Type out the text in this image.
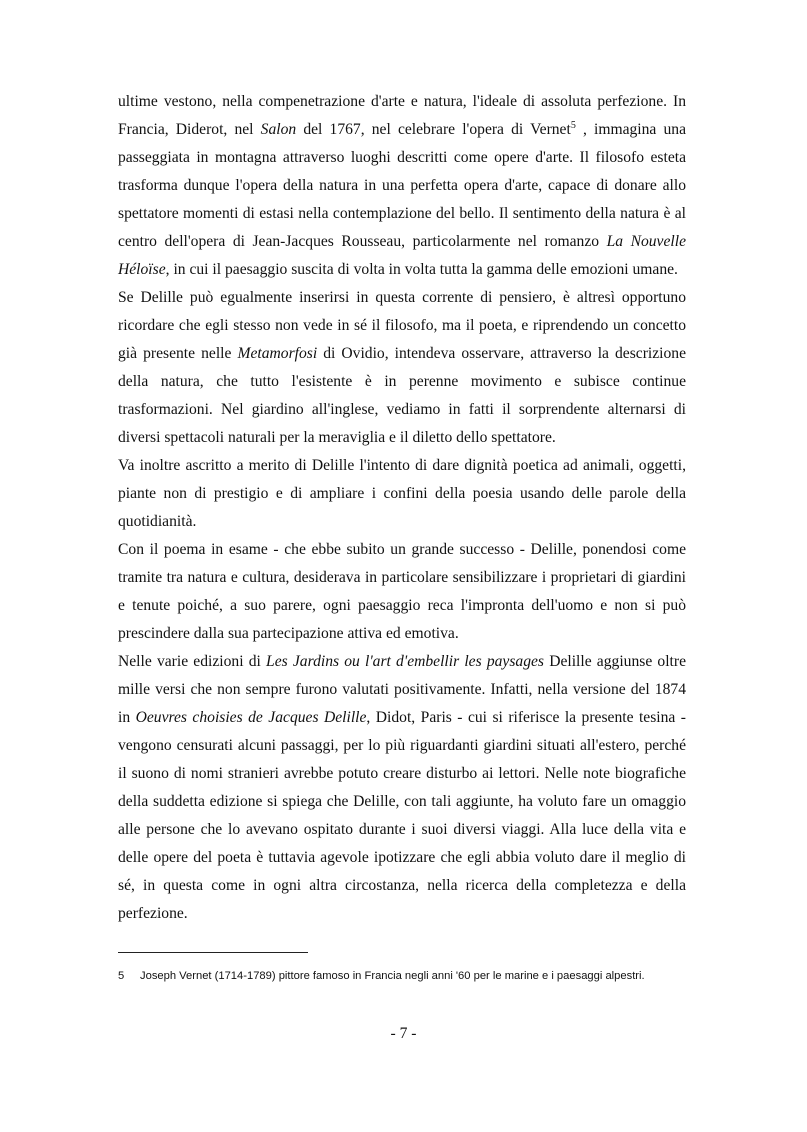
ultime vestono, nella compenetrazione d'arte e natura, l'ideale di assoluta perfezione. In Francia, Diderot, nel Salon del 1767, nel celebrare l'opera di Vernet$^5$ , immagina una passeggiata in montagna attraverso luoghi descritti come opere d'arte. Il filosofo esteta trasforma dunque l'opera della natura in una perfetta opera d'arte, capace di donare allo spettatore momenti di estasi nella contemplazione del bello. Il sentimento della natura è al centro dell'opera di Jean-Jacques Rousseau, particolarmente nel romanzo La Nouvelle Héloïse, in cui il paesaggio suscita di volta in volta tutta la gamma delle emozioni umane.

Se Delille può egualmente inserirsi in questa corrente di pensiero, è altresì opportuno ricordare che egli stesso non vede in sé il filosofo, ma il poeta, e riprendendo un concetto già presente nelle Metamorfosi di Ovidio, intendeva osservare, attraverso la descrizione della natura, che tutto l'esistente è in perenne movimento e subisce continue trasformazioni. Nel giardino all'inglese, vediamo in fatti il sorprendente alternarsi di diversi spettacoli naturali per la meraviglia e il diletto dello spettatore.

Va inoltre ascritto a merito di Delille l'intento di dare dignità poetica ad animali, oggetti, piante non di prestigio e di ampliare i confini della poesia usando delle parole della quotidianità.

Con il poema in esame - che ebbe subito un grande successo - Delille, ponendosi come tramite tra natura e cultura, desiderava in particolare sensibilizzare i proprietari di giardini e tenute poiché, a suo parere, ogni paesaggio reca l'impronta dell'uomo e non si può prescindere dalla sua partecipazione attiva ed emotiva.

Nelle varie edizioni di Les Jardins ou l'art d'embellir les paysages Delille aggiunse oltre mille versi che non sempre furono valutati positivamente. Infatti, nella versione del 1874 in Oeuvres choisies de Jacques Delille, Didot, Paris - cui si riferisce la presente tesina - vengono censurati alcuni passaggi, per lo più riguardanti giardini situati all'estero, perché il suono di nomi stranieri avrebbe potuto creare disturbo ai lettori. Nelle note biografiche della suddetta edizione si spiega che Delille, con tali aggiunte, ha voluto fare un omaggio alle persone che lo avevano ospitato durante i suoi diversi viaggi. Alla luce della vita e delle opere del poeta è tuttavia agevole ipotizzare che egli abbia voluto dare il meglio di sé, in questa come in ogni altra circostanza, nella ricerca della completezza e della perfezione.

5 Joseph Vernet (1714-1789) pittore famoso in Francia negli anni '60 per le marine e i paesaggi alpestri.
- 7 -
